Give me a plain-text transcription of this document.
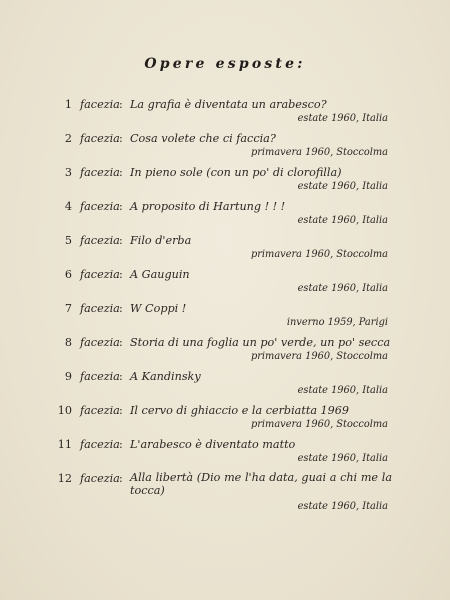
Opere esposte:
1 facezia : La grafia è diventata un arabesco?
estate 1960, Italia
2 facezia : Cosa volete che ci faccia?
primavera 1960, Stoccolma
3 facezia : In pieno sole (con un po' di clorofilla)
estate 1960, Italia
4 facezia : A proposito di Hartung ! ! !
estate 1960, Italia
5 facezia : Filo d'erba
primavera 1960, Stoccolma
6 facezia : A Gauguin
estate 1960, Italia
7 facezia : W Coppi !
inverno 1959, Parigi
8 facezia : Storia di una foglia un po' verde, un po' secca
primavera 1960, Stoccolma
9 facezia : A Kandinsky
estate 1960, Italia
10 facezia : Il cervo di ghiaccio e la cerbiatta 1969
primavera 1960, Stoccolma
11 facezia : L'arabesco è diventato matto
estate 1960, Italia
12 facezia : Alla libertà (Dio me l'ha data, guai a chi me la tocca)
estate 1960, Italia
